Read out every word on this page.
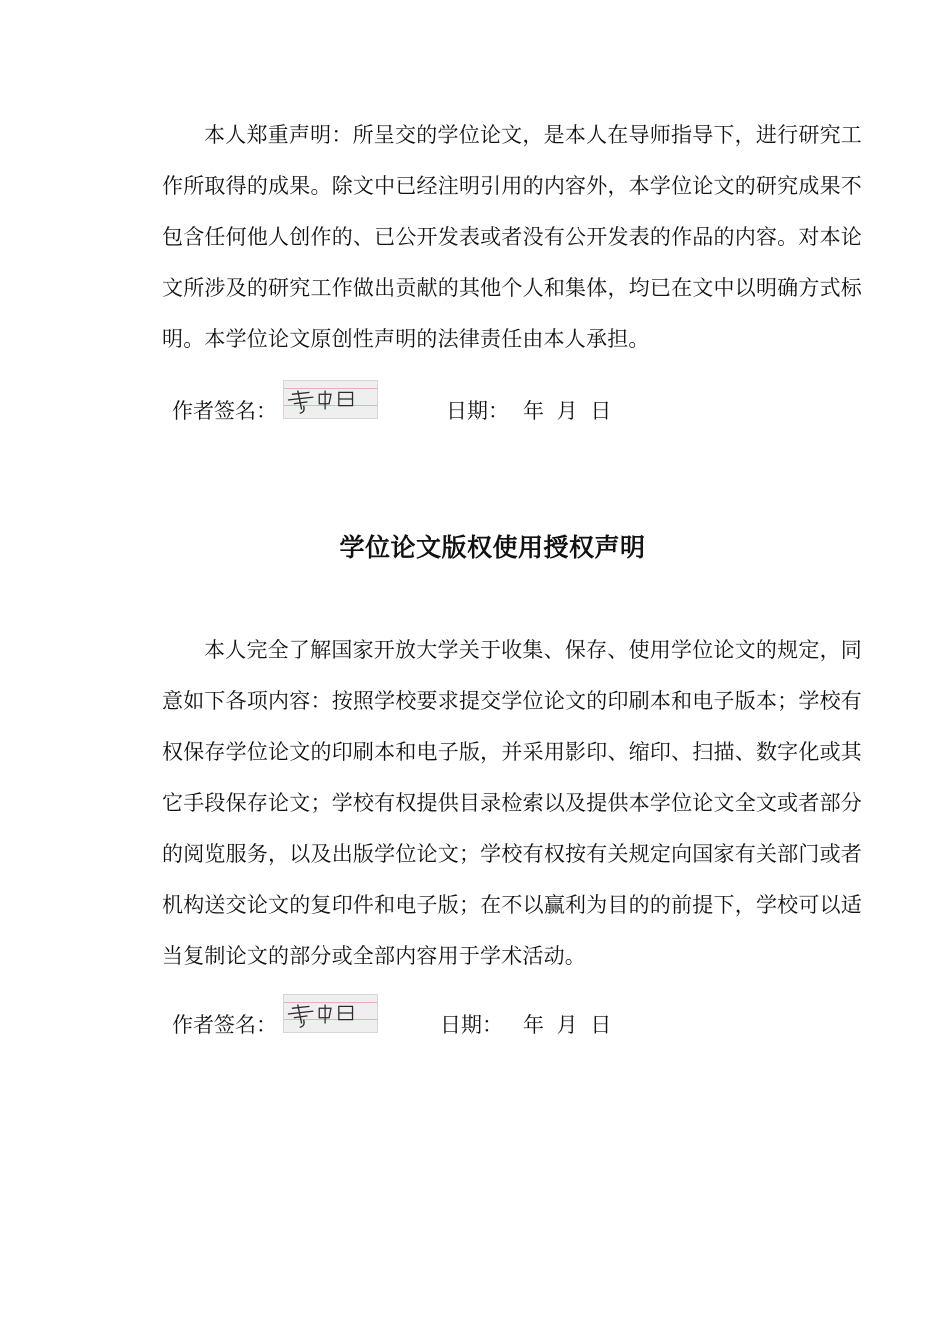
本人郑重声明：所呈交的学位论文，是本人在导师指导下，进行研究工作所取得的成果。除文中已经注明引用的内容外，本学位论文的研究成果不包含任何他人创作的、已公开发表或者没有公开发表的作品的内容。对本论文所涉及的研究工作做出贡献的其他个人和集体，均已在文中以明确方式标明。本学位论文原创性声明的法律责任由本人承担。

作者签名：	日期： 年 月 日
学位论文版权使用授权声明

本人完全了解国家开放大学关于收集、保存、使用学位论文的规定，同意如下各项内容：按照学校要求提交学位论文的印刷本和电子版本；学校有权保存学位论文的印刷本和电子版，并采用影印、缩印、扫描、数字化或其它手段保存论文；学校有权提供目录检索以及提供本学位论文全文或者部分的阅览服务，以及出版学位论文；学校有权按有关规定向国家有关部门或者机构送交论文的复印件和电子版；在不以赢利为目的的前提下，学校可以适当复制论文的部分或全部内容用于学术活动。

作者签名：	日期： 年 月 日
